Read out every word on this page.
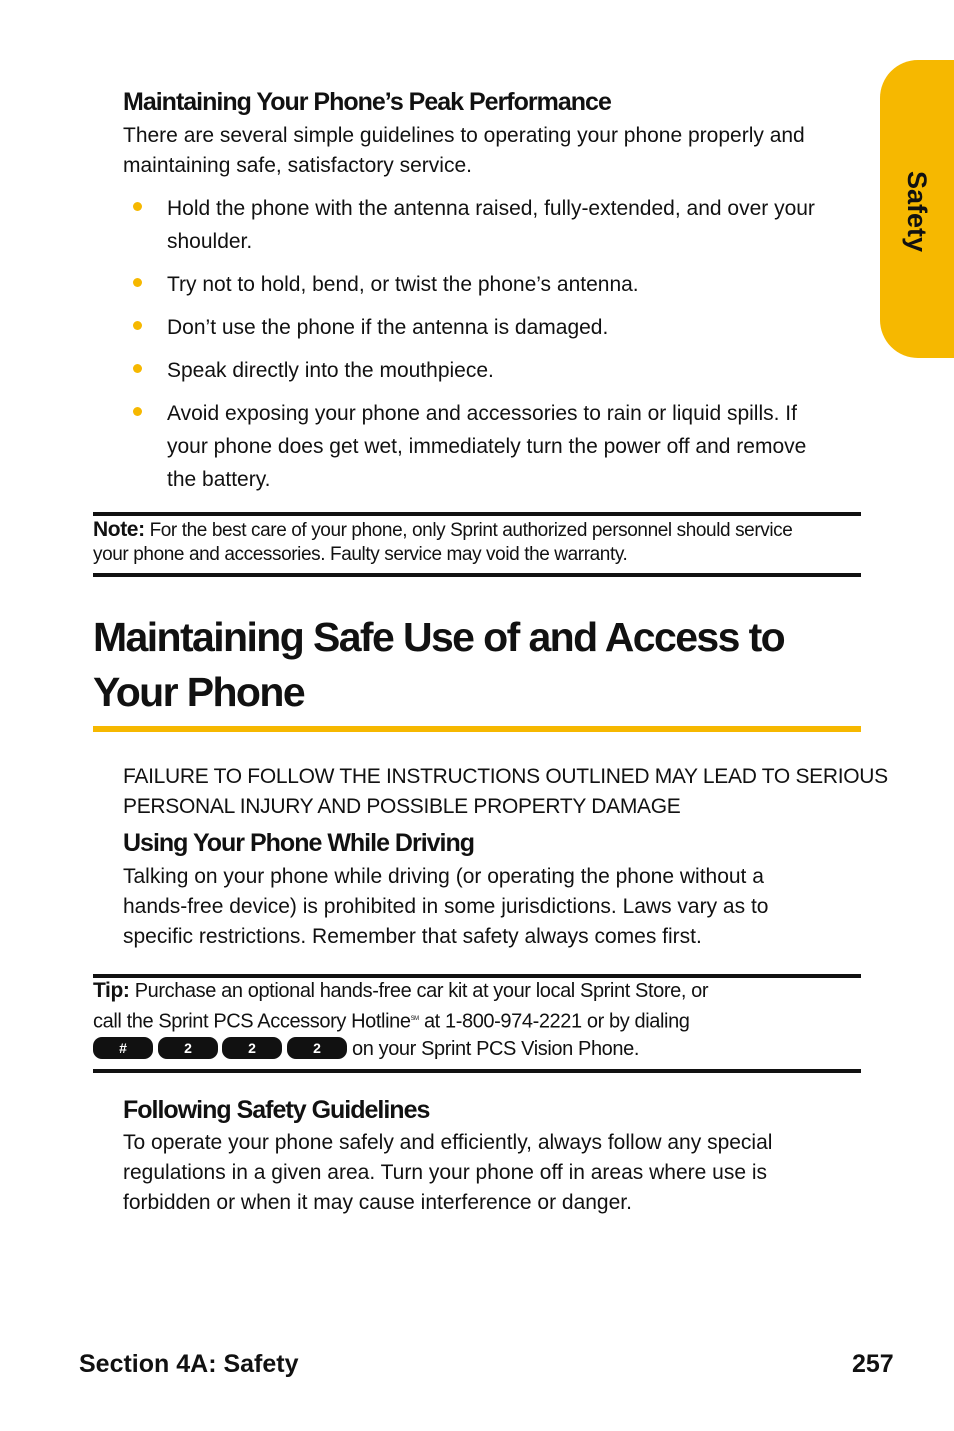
Safety
Maintaining Your Phone’s Peak Performance
There are several simple guidelines to operating your phone properly and
maintaining safe, satisfactory service.
Hold the phone with the antenna raised, fully-extended, and over your
shoulder.
Try not to hold, bend, or twist the phone’s antenna.
Don’t use the phone if the antenna is damaged.
Speak directly into the mouthpiece.
Avoid exposing your phone and accessories to rain or liquid spills. If
your phone does get wet, immediately turn the power off and remove
the battery.
Note: For the best care of your phone, only Sprint authorized personnel should service
your phone and accessories. Faulty service may void the warranty.
Maintaining Safe Use of and Access to
Your Phone
FAILURE TO FOLLOW THE INSTRUCTIONS OUTLINED MAY LEAD TO SERIOUS
PERSONAL INJURY AND POSSIBLE PROPERTY DAMAGE
Using Your Phone While Driving
Talking on your phone while driving (or operating the phone without a
hands-free device) is prohibited in some jurisdictions. Laws vary as to
specific restrictions. Remember that safety always comes first.
Tip: Purchase an optional hands-free car kit at your local Sprint Store, or
call the Sprint PCS Accessory Hotline℠ at 1-800-974-2221 or by dialing
#	2	2	2	on your Sprint PCS Vision Phone.
Following Safety Guidelines
To operate your phone safely and efficiently, always follow any special
regulations in a given area. Turn your phone off in areas where use is
forbidden or when it may cause interference or danger.
Section 4A: Safety	257
